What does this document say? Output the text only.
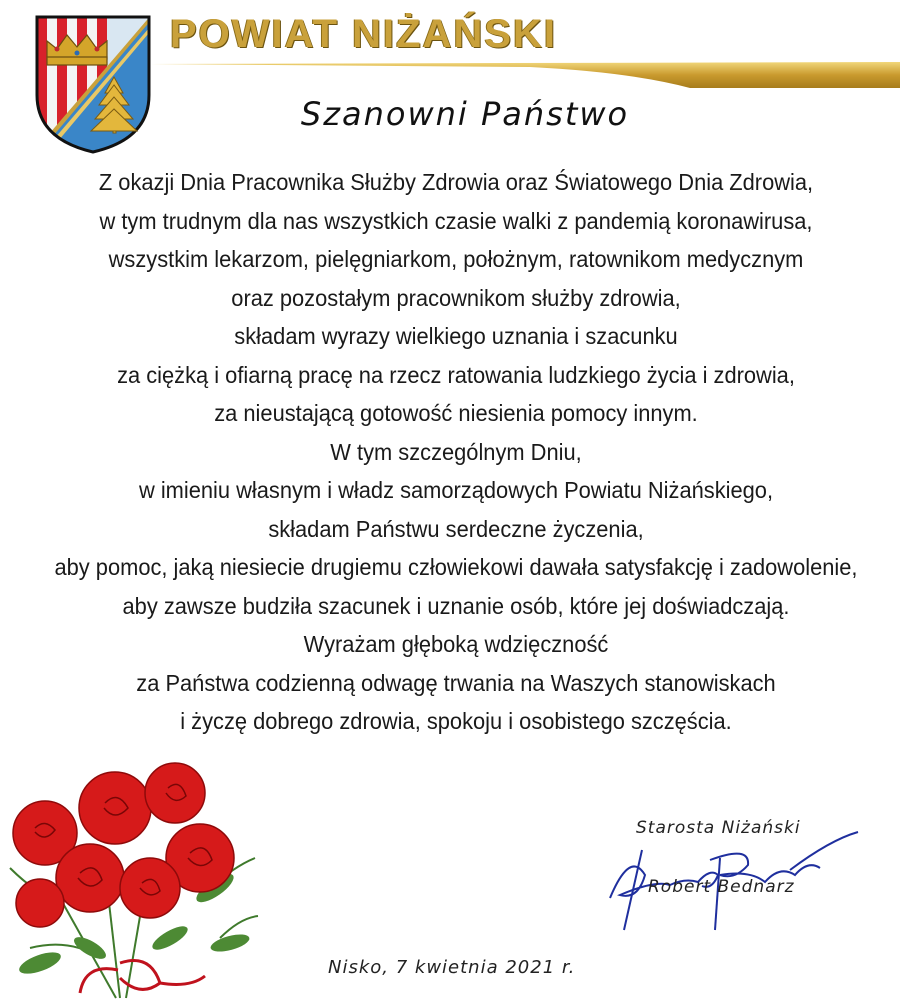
POWIAT NIŻAŃSKI
Szanowni Państwo
Z okazji Dnia Pracownika Służby Zdrowia oraz Światowego Dnia Zdrowia,
w tym trudnym dla nas wszystkich czasie walki z pandemią koronawirusa,
wszystkim lekarzom, pielęgniarkom, położnym, ratownikom medycznym
oraz pozostałym pracownikom służby zdrowia,
składam wyrazy wielkiego uznania i szacunku
za ciężką i ofiarną pracę na rzecz ratowania ludzkiego życia i zdrowia,
za nieustającą gotowość niesienia pomocy innym.
W tym szczególnym Dniu,
w imieniu własnym i władz samorządowych Powiatu Niżańskiego,
składam Państwu serdeczne życzenia,
aby pomoc, jaką niesiecie drugiemu człowiekowi dawała satysfakcję i zadowolenie,
aby zawsze budziła szacunek i uznanie osób, które jej doświadczają.
Wyrażam głęboką wdzięczność
za Państwa codzienną odwagę trwania na Waszych stanowiskach
i życzę dobrego zdrowia, spokoju i osobistego szczęścia.
Starosta Niżański
Robert Bednarz
Nisko, 7 kwietnia 2021 r.
